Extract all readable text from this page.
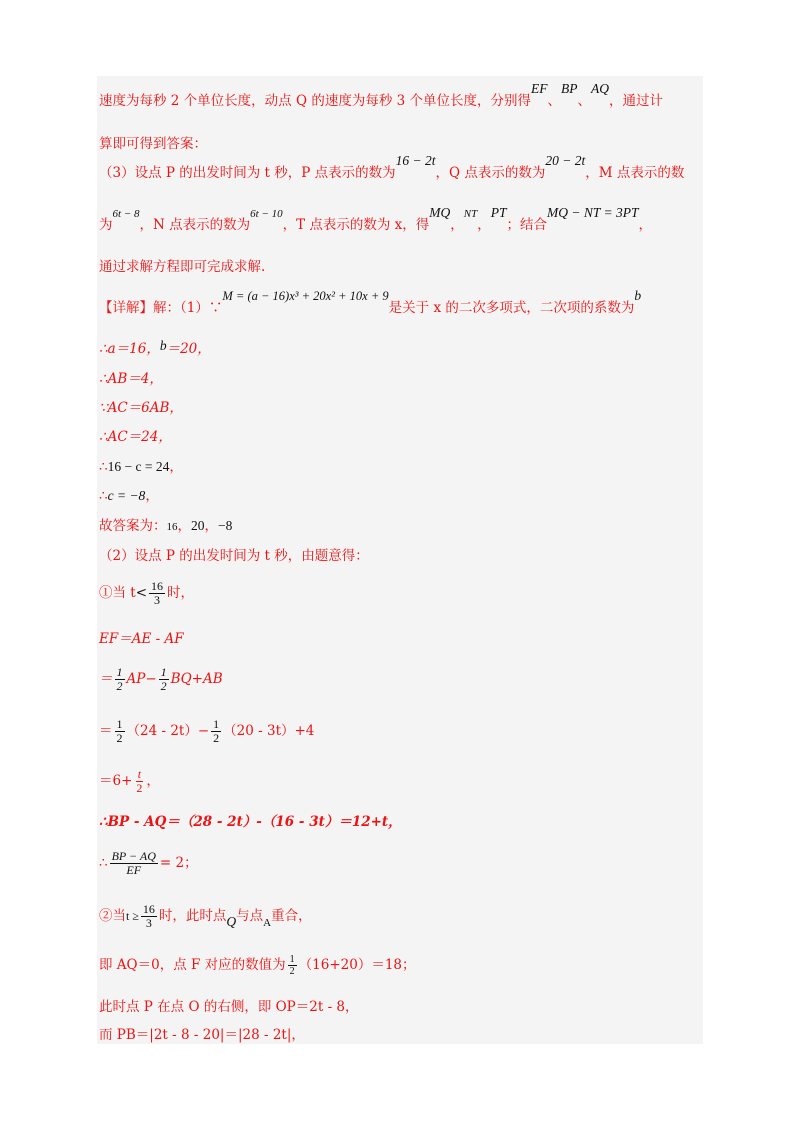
速度为每秒 2 个单位长度，动点 Q 的速度为每秒 3 个单位长度，分别得EF、BP、AQ，通过计
算即可得到答案：
（3）设点 P 的出发时间为 t 秒，P 点表示的数为16 − 2t，Q 点表示的数为20 − 2t，M 点表示的数
为$^{6t - 8}$，N 点表示的数为$^{6t - 10}$，T 点表示的数为 x，得MQ，$^{NT}$，PT；结合MQ − NT = 3PT，
通过求解方程即可完成求解.
【详解】解：（1）∵M = (a − 16)x³ + 20x² + 10x + 9是关于 x 的二次多项式，二次项的系数为b
∴a＝16，b＝20，
∴AB＝4，
∵AC＝6AB，
∴AC＝24，
∴16 − c = 24，
∴c = −8，
故答案为：16，20，−8
（2）设点 P 的出发时间为 t 秒，由题意得：
①当 $t< \frac{16}{3}$ 时，
EF＝AE - AF
＝ $\frac{1}{2} AP- \frac{1}{2} BQ+AB$
＝ $\frac{1}{2} (24 - 2t)- \frac{1}{2} (20 - 3t)+4$
$=6+ \frac{t}{2}$ ，
∴BP - AQ＝（28 - 2t）-（16 - 3t）＝12+t，
∴ $\frac{BP - AQ}{EF} = 2$；
②当$t \ge \frac{16}{3}$ 时，此时点Q与点$_A$重合，
即 AQ＝0，点 F 对应的数值为 $\frac{1}{2} (16+20)=18$；
此时点 P 在点 O 的右侧，即 OP＝2t - 8，
而 PB＝|2t - 8 - 20|＝|28 - 2t|，
